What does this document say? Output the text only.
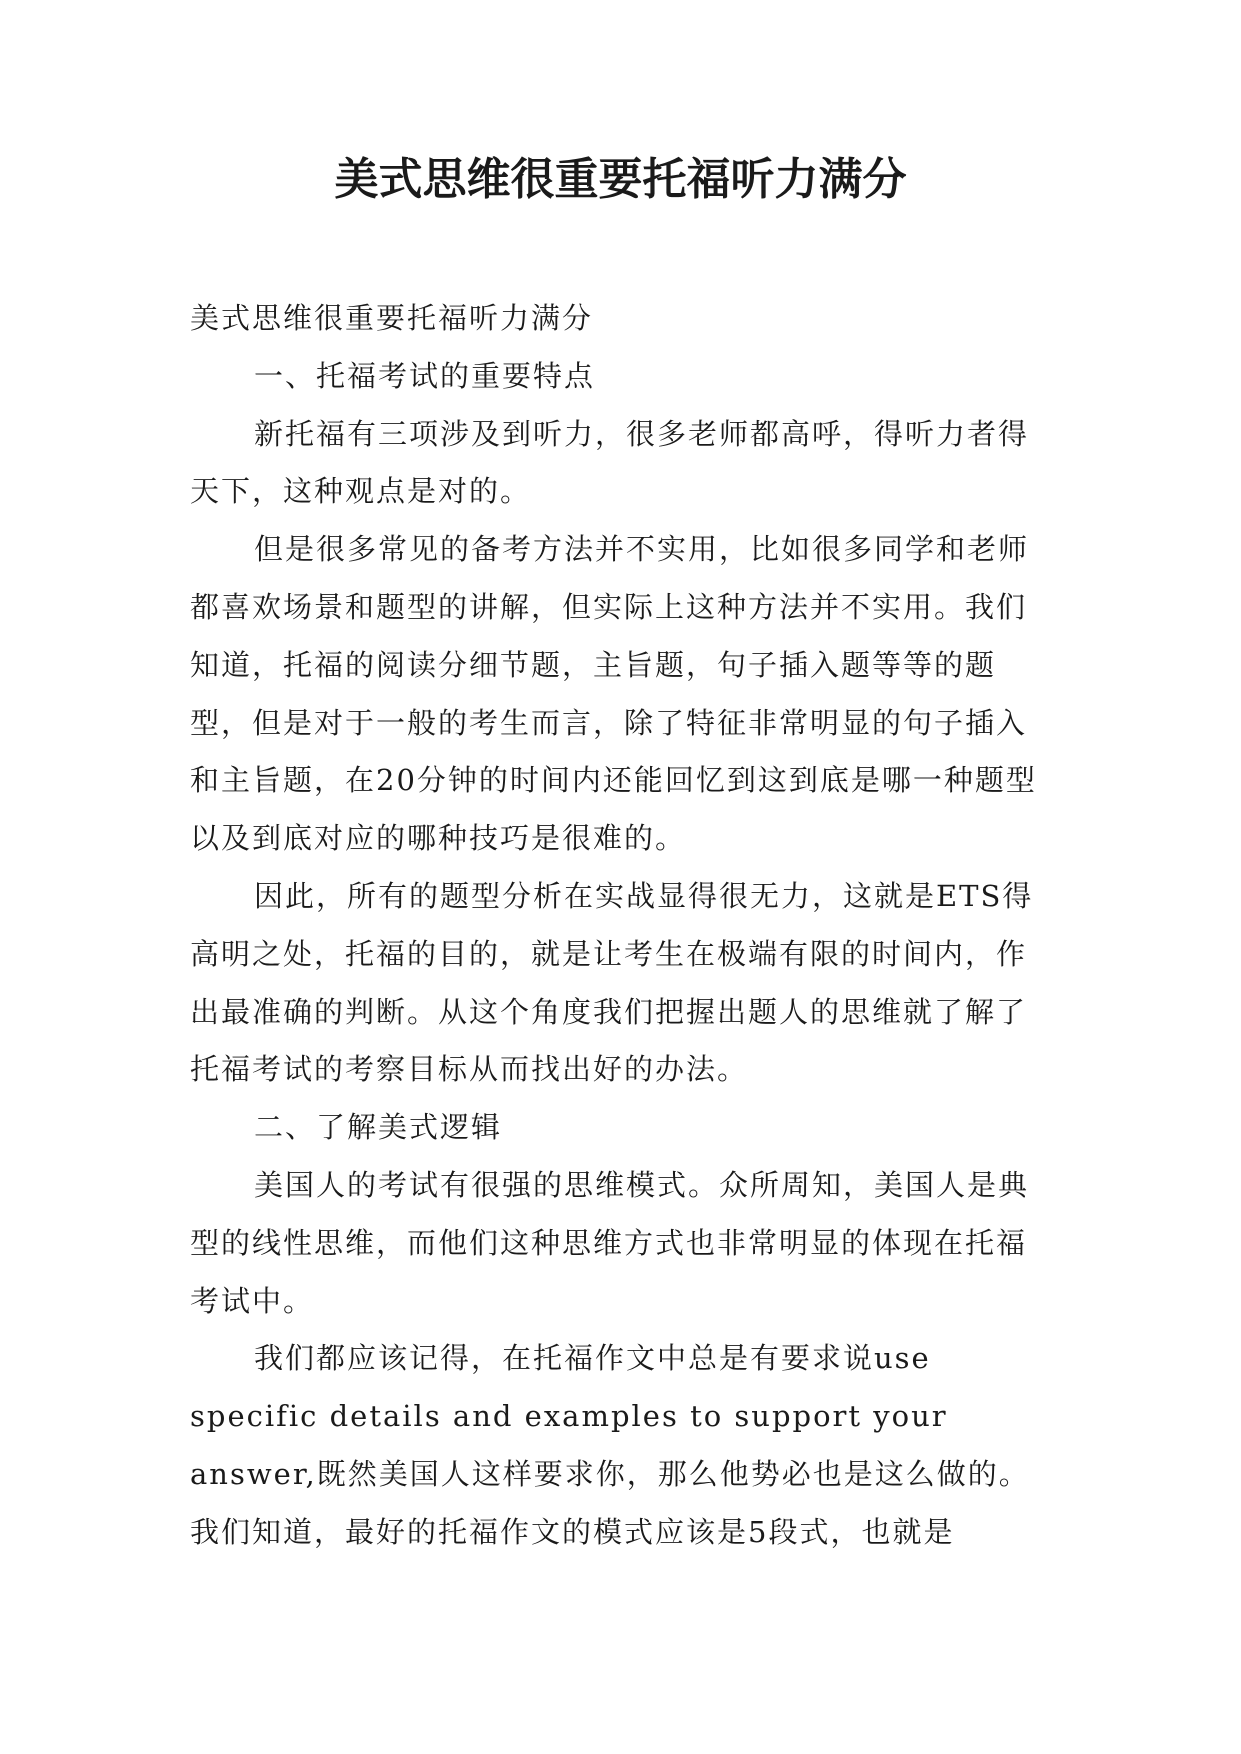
美式思维很重要托福听力满分

美式思维很重要托福听力满分

一、托福考试的重要特点

新托福有三项涉及到听力，很多老师都高呼，得听力者得天下，这种观点是对的。

但是很多常见的备考方法并不实用，比如很多同学和老师都喜欢场景和题型的讲解，但实际上这种方法并不实用。我们知道，托福的阅读分细节题，主旨题，句子插入题等等的题型，但是对于一般的考生而言，除了特征非常明显的句子插入和主旨题，在20分钟的时间内还能回忆到这到底是哪一种题型以及到底对应的哪种技巧是很难的。

因此，所有的题型分析在实战显得很无力，这就是ETS得高明之处，托福的目的，就是让考生在极端有限的时间内，作出最准确的判断。从这个角度我们把握出题人的思维就了解了托福考试的考察目标从而找出好的办法。

二、了解美式逻辑

美国人的考试有很强的思维模式。众所周知，美国人是典型的线性思维，而他们这种思维方式也非常明显的体现在托福考试中。

我们都应该记得，在托福作文中总是有要求说use specific details and examples to support your answer,既然美国人这样要求你，那么他势必也是这么做的。我们知道，最好的托福作文的模式应该是5段式，也就是
